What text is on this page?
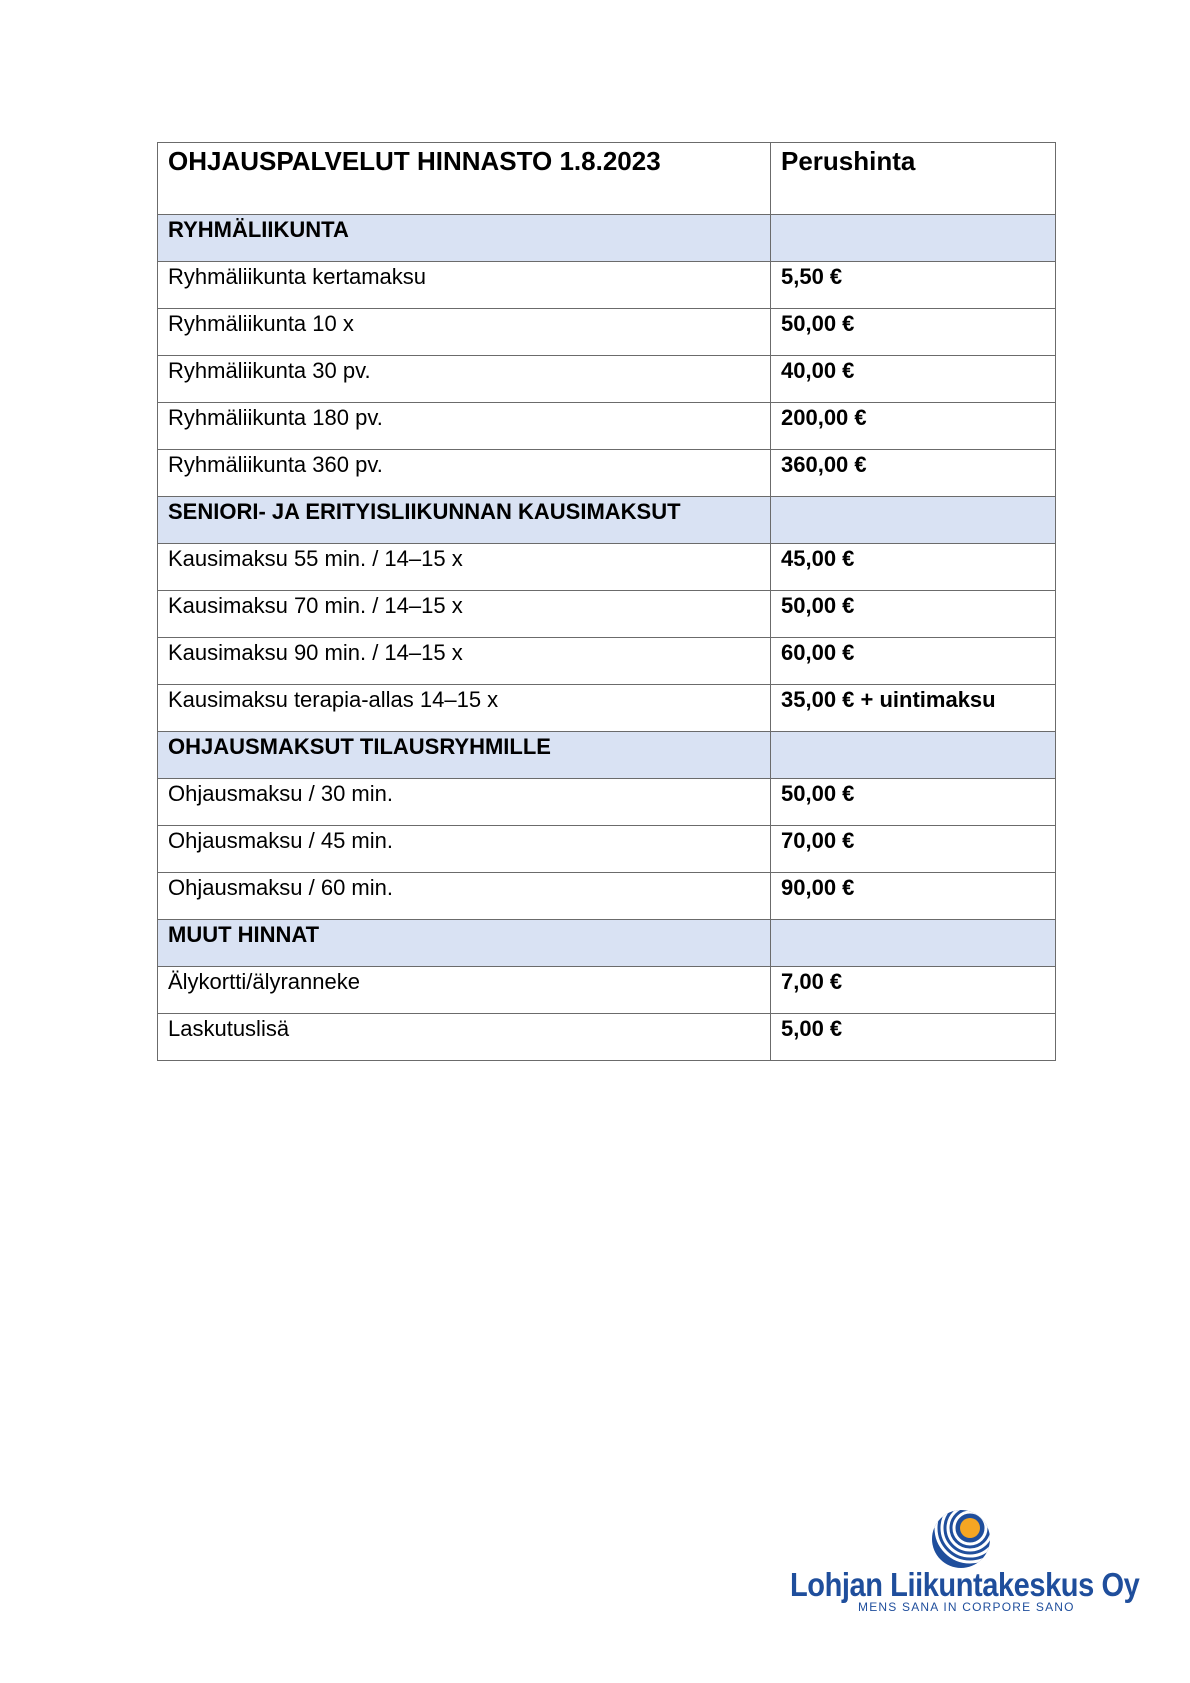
OHJAUSPALVELUT HINNASTO 1.8.2023	Perushinta
RYHMÄLIIKUNTA	
Ryhmäliikunta kertamaksu	5,50 €
Ryhmäliikunta 10 x	50,00 €
Ryhmäliikunta 30 pv.	40,00 €
Ryhmäliikunta 180 pv.	200,00 €
Ryhmäliikunta 360 pv.	360,00 €
SENIORI- JA ERITYISLIIKUNNAN KAUSIMAKSUT	
Kausimaksu 55 min. / 14–15 x	45,00 €
Kausimaksu 70 min. / 14–15 x	50,00 €
Kausimaksu 90 min. / 14–15 x	60,00 €
Kausimaksu terapia-allas 14–15 x	35,00 € + uintimaksu
OHJAUSMAKSUT TILAUSRYHMILLE	
Ohjausmaksu / 30 min.	50,00 €
Ohjausmaksu / 45 min.	70,00 €
Ohjausmaksu / 60 min.	90,00 €
MUUT HINNAT	
Älykortti/älyranneke	7,00 €
Laskutuslisä	5,00 €
Lohjan Liikuntakeskus Oy
MENS SANA IN CORPORE SANO
